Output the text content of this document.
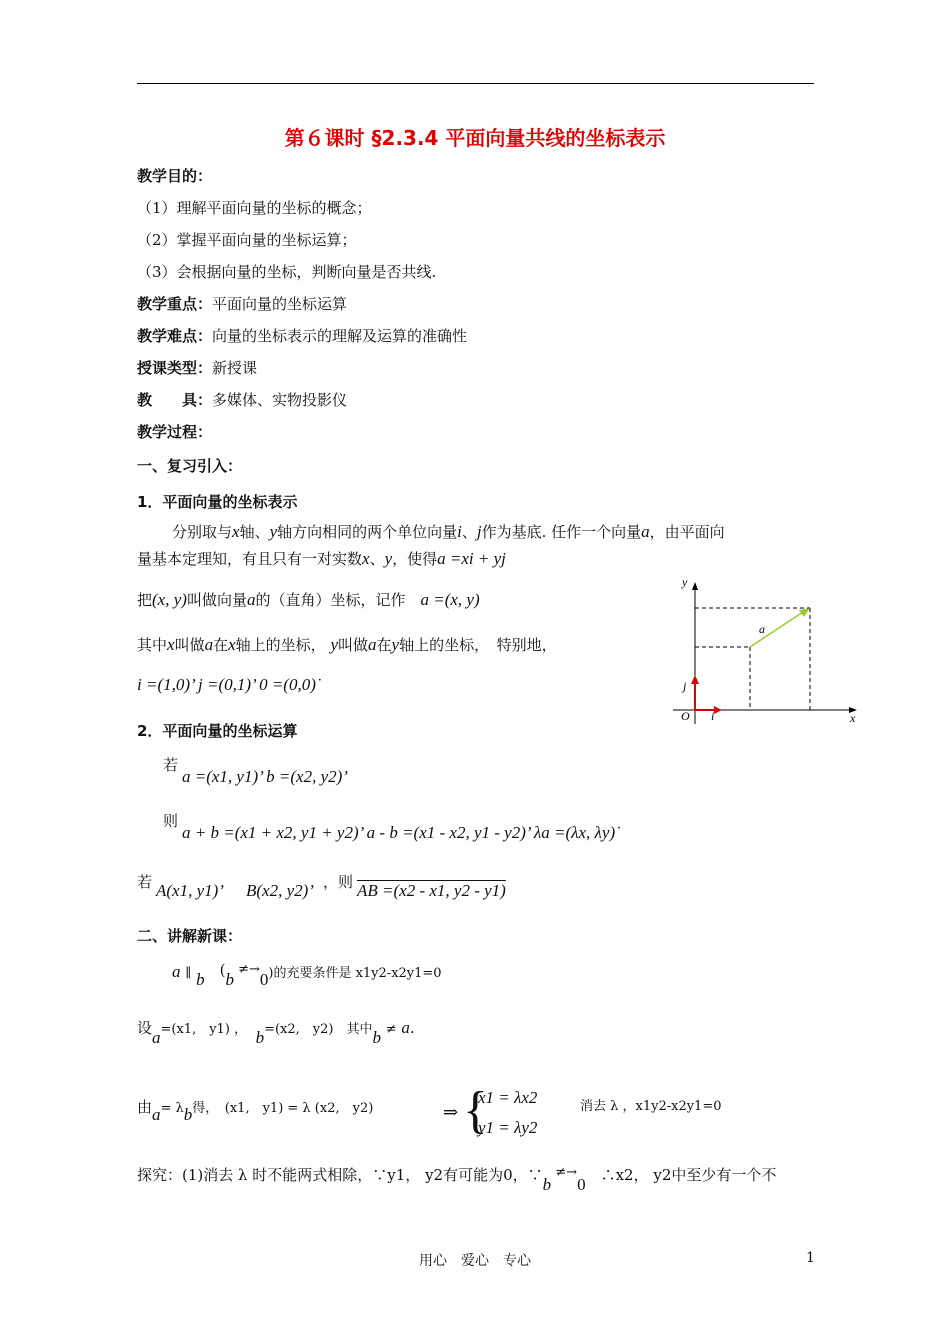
第６课时 §2.3.4 平面向量共线的坐标表示
教学目的：
（1）理解平面向量的坐标的概念；
（2）掌握平面向量的坐标运算；
（3）会根据向量的坐标，判断向量是否共线.
教学重点：平面向量的坐标运算
教学难点：向量的坐标表示的理解及运算的准确性
授课类型：新授课
教　　具：多媒体、实物投影仪
教学过程：
一、复习引入：
1．平面向量的坐标表示
分别取与x轴、y轴方向相同的两个单位向量i、j作为基底. 任作一个向量a，由平面向
量基本定理知，有且只有一对实数x、y，使得a =xi + yj
把(x, y)叫做向量a的（直角）坐标，记作　 a =(x, y)
其中x叫做a在x轴上的坐标， y叫做a在y轴上的坐标，　特别地，
i =(1,0)’ j =(0,1)’ 0 =(0,0)˙
y
x
O
a
i
j
2．平面向量的坐标运算
若
a =(x1, y1)’ b =(x2, y2)’
则
a + b =(x1 + x2, y1 + y2)’ a - b =(x1 - x2, y1 - y2)’ λa =(λx, λy)˙
若 A(x1, y1)’ B(x2, y2)’ ，则 AB =(x2 - x1, y2 - y1)
二、讲解新课：
a ∥ b　 (b ≠→0)的充要条件是 x1y2-x2y1=0
设a=(x1,　y1) ，　 b=(x2,　y2)　其中b ≠ a.
由a= λb得，　(x1,　y1) = λ (x2,　y2)	⇒ {
x1 = λx2
y1 = λy2
消去 λ ，x1y2-x2y1=0
探究：(1)消去 λ 时不能两式相除，∵y1， y2有可能为0，∵b ≠→0　 ∴x2， y2中至少有一个不
用心　爱心　专心	1
